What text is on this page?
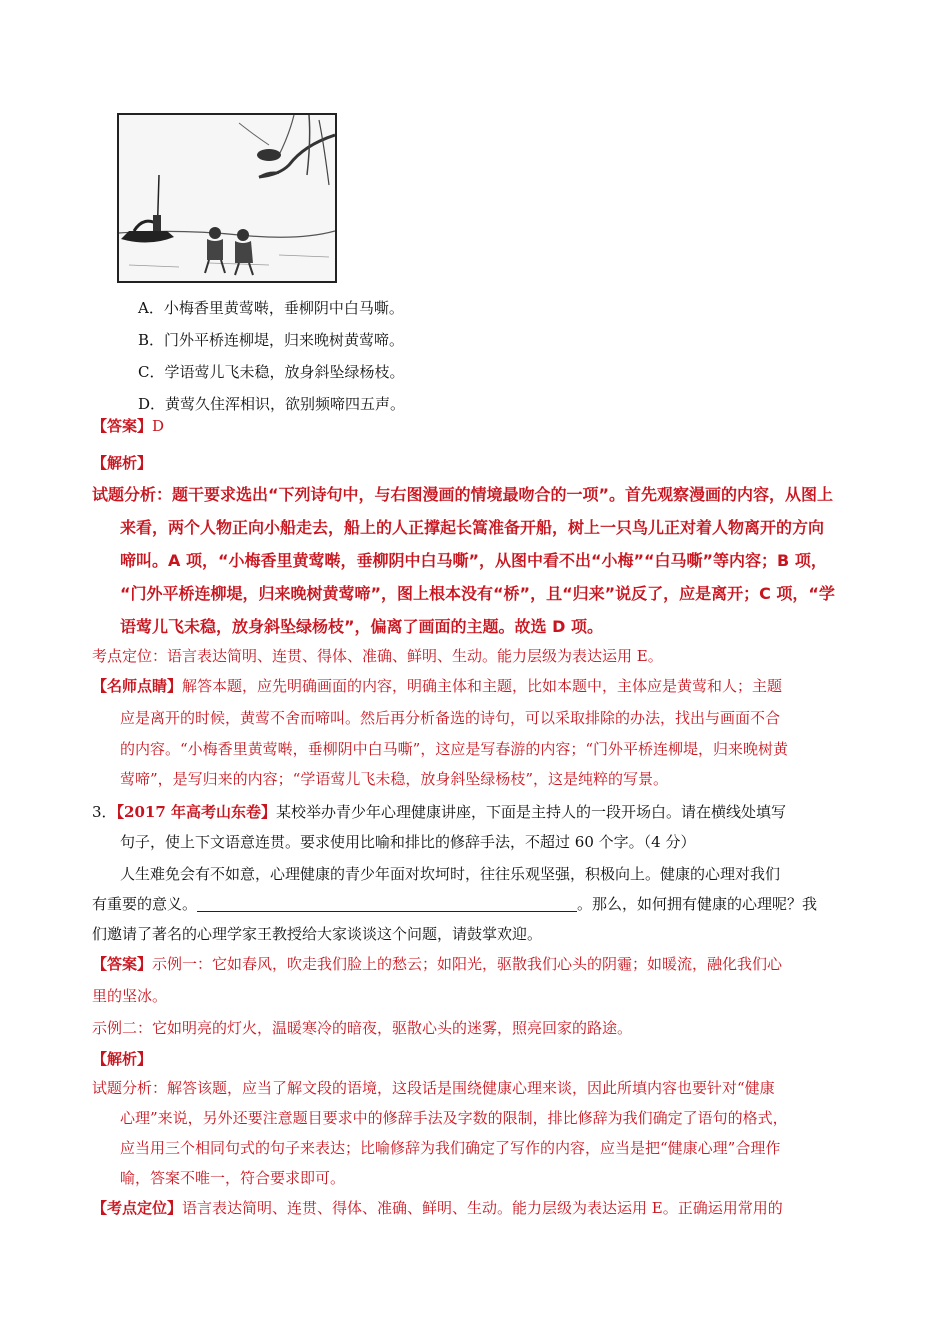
A．小梅香里黄莺啭，垂柳阴中白马嘶。
B．门外平桥连柳堤，归来晚树黄莺啼。
C．学语莺儿飞未稳，放身斜坠绿杨枝。
D．黄莺久住浑相识，欲别频啼四五声。
【答案】D
【解析】
试题分析：题干要求选出“下列诗句中，与右图漫画的情境最吻合的一项”。首先观察漫画的内容，从图上
来看，两个人物正向小船走去，船上的人正撑起长篙准备开船，树上一只鸟儿正对着人物离开的方向
啼叫。A 项，“小梅香里黄莺啭，垂柳阴中白马嘶”，从图中看不出“小梅”“白马嘶”等内容；B 项，
“门外平桥连柳堤，归来晚树黄莺啼”，图上根本没有“桥”，且“归来”说反了，应是离开；C 项，“学
语莺儿飞未稳，放身斜坠绿杨枝”，偏离了画面的主题。故选 D 项。
考点定位：语言表达简明、连贯、得体、准确、鲜明、生动。能力层级为表达运用 E。
【名师点睛】解答本题，应先明确画面的内容，明确主体和主题，比如本题中，主体应是黄莺和人；主题
应是离开的时候，黄莺不舍而啼叫。然后再分析备选的诗句，可以采取排除的办法，找出与画面不合
的内容。“小梅香里黄莺啭，垂柳阴中白马嘶”，这应是写春游的内容；“门外平桥连柳堤，归来晚树黄
莺啼”，是写归来的内容；“学语莺儿飞未稳，放身斜坠绿杨枝”，这是纯粹的写景。
3．【2017 年高考山东卷】某校举办青少年心理健康讲座，下面是主持人的一段开场白。请在横线处填写
句子，使上下文语意连贯。要求使用比喻和排比的修辞手法，不超过 60 个字。（4 分）
人生难免会有不如意，心理健康的青少年面对坎坷时，往往乐观坚强，积极向上。健康的心理对我们
有重要的意义。	。那么，如何拥有健康的心理呢？我
们邀请了著名的心理学家王教授给大家谈谈这个问题，请鼓掌欢迎。
【答案】示例一：它如春风，吹走我们脸上的愁云；如阳光，驱散我们心头的阴霾；如暖流，融化我们心
里的坚冰。
示例二：它如明亮的灯火，温暖寒冷的暗夜，驱散心头的迷雾，照亮回家的路途。
【解析】
试题分析：解答该题，应当了解文段的语境，这段话是围绕健康心理来谈，因此所填内容也要针对“健康
心理”来说，另外还要注意题目要求中的修辞手法及字数的限制，排比修辞为我们确定了语句的格式，
应当用三个相同句式的句子来表达；比喻修辞为我们确定了写作的内容，应当是把“健康心理”合理作
喻，答案不唯一，符合要求即可。
【考点定位】语言表达简明、连贯、得体、准确、鲜明、生动。能力层级为表达运用 E。正确运用常用的
